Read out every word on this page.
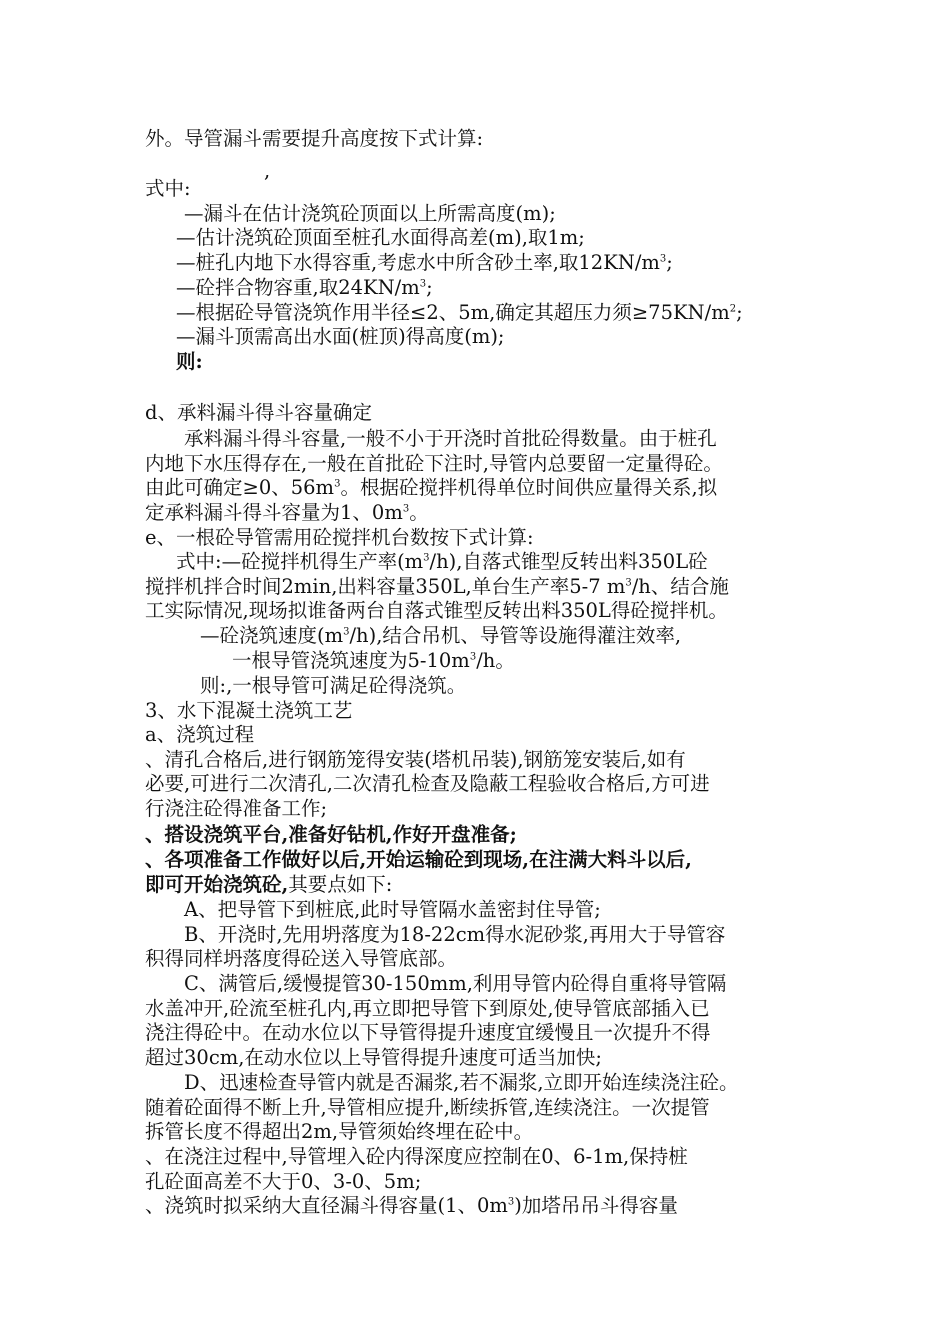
外。导管漏斗需要提升高度按下式计算:
,
式中:
—漏斗在估计浇筑砼顶面以上所需高度(m);
—估计浇筑砼顶面至桩孔水面得高差(m),取1m;
—桩孔内地下水得容重,考虑水中所含砂土率,取$12KN/m^3$;
—砼拌合物容重,取$24KN/m^3$;
—根据砼导管浇筑作用半径≤2、5m,确定其超压力须$\ge 75KN/m^2$;
—漏斗顶需高出水面(桩顶)得高度(m);
则:
d、承料漏斗得斗容量确定
承料漏斗得斗容量,一般不小于开浇时首批砼得数量。由于桩孔
内地下水压得存在,一般在首批砼下注时,导管内总要留一定量得砼。
由此可确定≥0、$56m^3$。根据砼搅拌机得单位时间供应量得关系,拟
定承料漏斗得斗容量为1、$0m^3$。
e、一根砼导管需用砼搅拌机台数按下式计算:
式中:—砼搅拌机得生产率$(m^3/h)$,自落式锥型反转出料350L砼
搅拌机拌合时间2min,出料容量350L,单台生产率5-7 $m^3/h$、结合施
工实际情况,现场拟谁备两台自落式锥型反转出料350L得砼搅拌机。
—砼浇筑速度$(m^3/h)$,结合吊机、导管等设施得灌注效率,
一根导管浇筑速度为$5-10m^3/h$。
则:,一根导管可满足砼得浇筑。
3、水下混凝土浇筑工艺
a、浇筑过程
、清孔合格后,进行钢筋笼得安装(塔机吊装),钢筋笼安装后,如有
必要,可进行二次清孔,二次清孔检查及隐蔽工程验收合格后,方可进
行浇注砼得准备工作;
、搭设浇筑平台,准备好钻机,作好开盘准备;
、各项准备工作做好以后,开始运输砼到现场,在注满大料斗以后,
即可开始浇筑砼,其要点如下:
A、把导管下到桩底,此时导管隔水盖密封住导管;
B、开浇时,先用坍落度为18-22cm得水泥砂浆,再用大于导管容
积得同样坍落度得砼送入导管底部。
C、满管后,缓慢提管30-150mm,利用导管内砼得自重将导管隔
水盖冲开,砼流至桩孔内,再立即把导管下到原处,使导管底部插入已
浇注得砼中。在动水位以下导管得提升速度宜缓慢且一次提升不得
超过30cm,在动水位以上导管得提升速度可适当加快;
D、迅速检查导管内就是否漏浆,若不漏浆,立即开始连续浇注砼。
随着砼面得不断上升,导管相应提升,断续拆管,连续浇注。一次提管
拆管长度不得超出2m,导管须始终埋在砼中。
、在浇注过程中,导管埋入砼内得深度应控制在0、6-1m,保持桩
孔砼面高差不大于0、3-0、5m;
、浇筑时拟采纳大直径漏斗得容量(1、$0m^3$)加塔吊吊斗得容量
